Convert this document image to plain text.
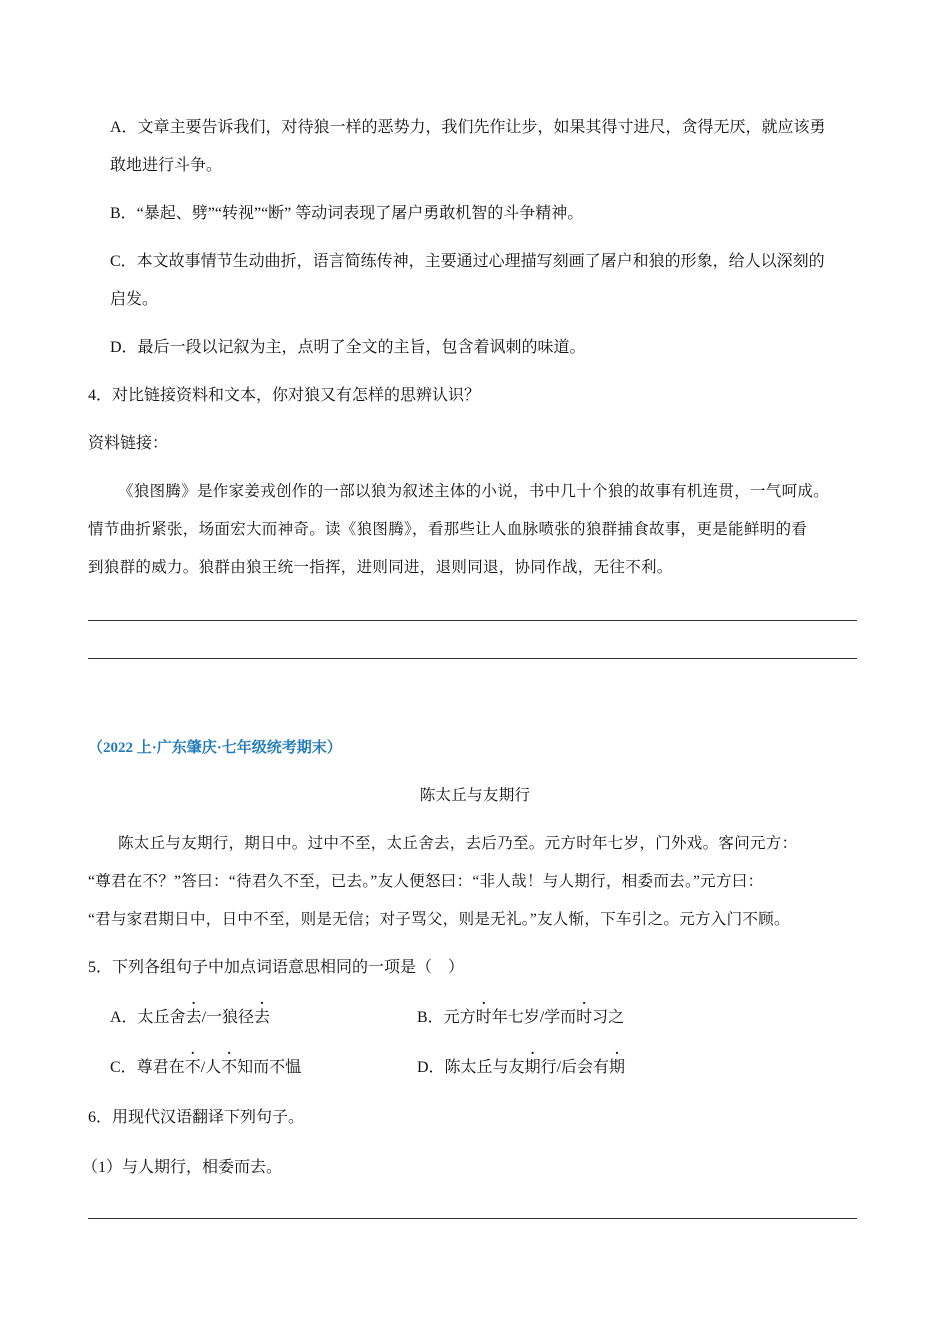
A．文章主要告诉我们，对待狼一样的恶势力，我们先作让步，如果其得寸进尺，贪得无厌，就应该勇
敢地进行斗争。
B．“暴起、劈”“转视”“断” 等动词表现了屠户勇敢机智的斗争精神。
C．本文故事情节生动曲折，语言简练传神，主要通过心理描写刻画了屠户和狼的形象，给人以深刻的
启发。
D．最后一段以记叙为主，点明了全文的主旨，包含着讽刺的味道。
4．对比链接资料和文本，你对狼又有怎样的思辨认识？
资料链接：
《狼图腾》是作家姜戎创作的一部以狼为叙述主体的小说，书中几十个狼的故事有机连贯，一气呵成。
情节曲折紧张，场面宏大而神奇。读《狼图腾》，看那些让人血脉喷张的狼群捕食故事，更是能鲜明的看
到狼群的威力。狼群由狼王统一指挥，进则同进，退则同退，协同作战，无往不利。
（2022 上·广东肇庆·七年级统考期末）
陈太丘与友期行
陈太丘与友期行，期日中。过中不至，太丘舍去，去后乃至。元方时年七岁，门外戏。客问元方：
“尊君在不？”答曰：“待君久不至，已去。”友人便怒曰：“非人哉！与人期行，相委而去。”元方曰：
“君与家君期日中，日中不至，则是无信；对子骂父，则是无礼。”友人惭，下车引之。元方入门不顾。
5．下列各组句子中加点词语意思相同的一项是（　）
A．太丘舍去/一狼径去	B．元方时年七岁/学而时习之
C．尊君在不/人不知而不愠	D．陈太丘与友期行/后会有期
6．用现代汉语翻译下列句子。
（1）与人期行，相委而去。
